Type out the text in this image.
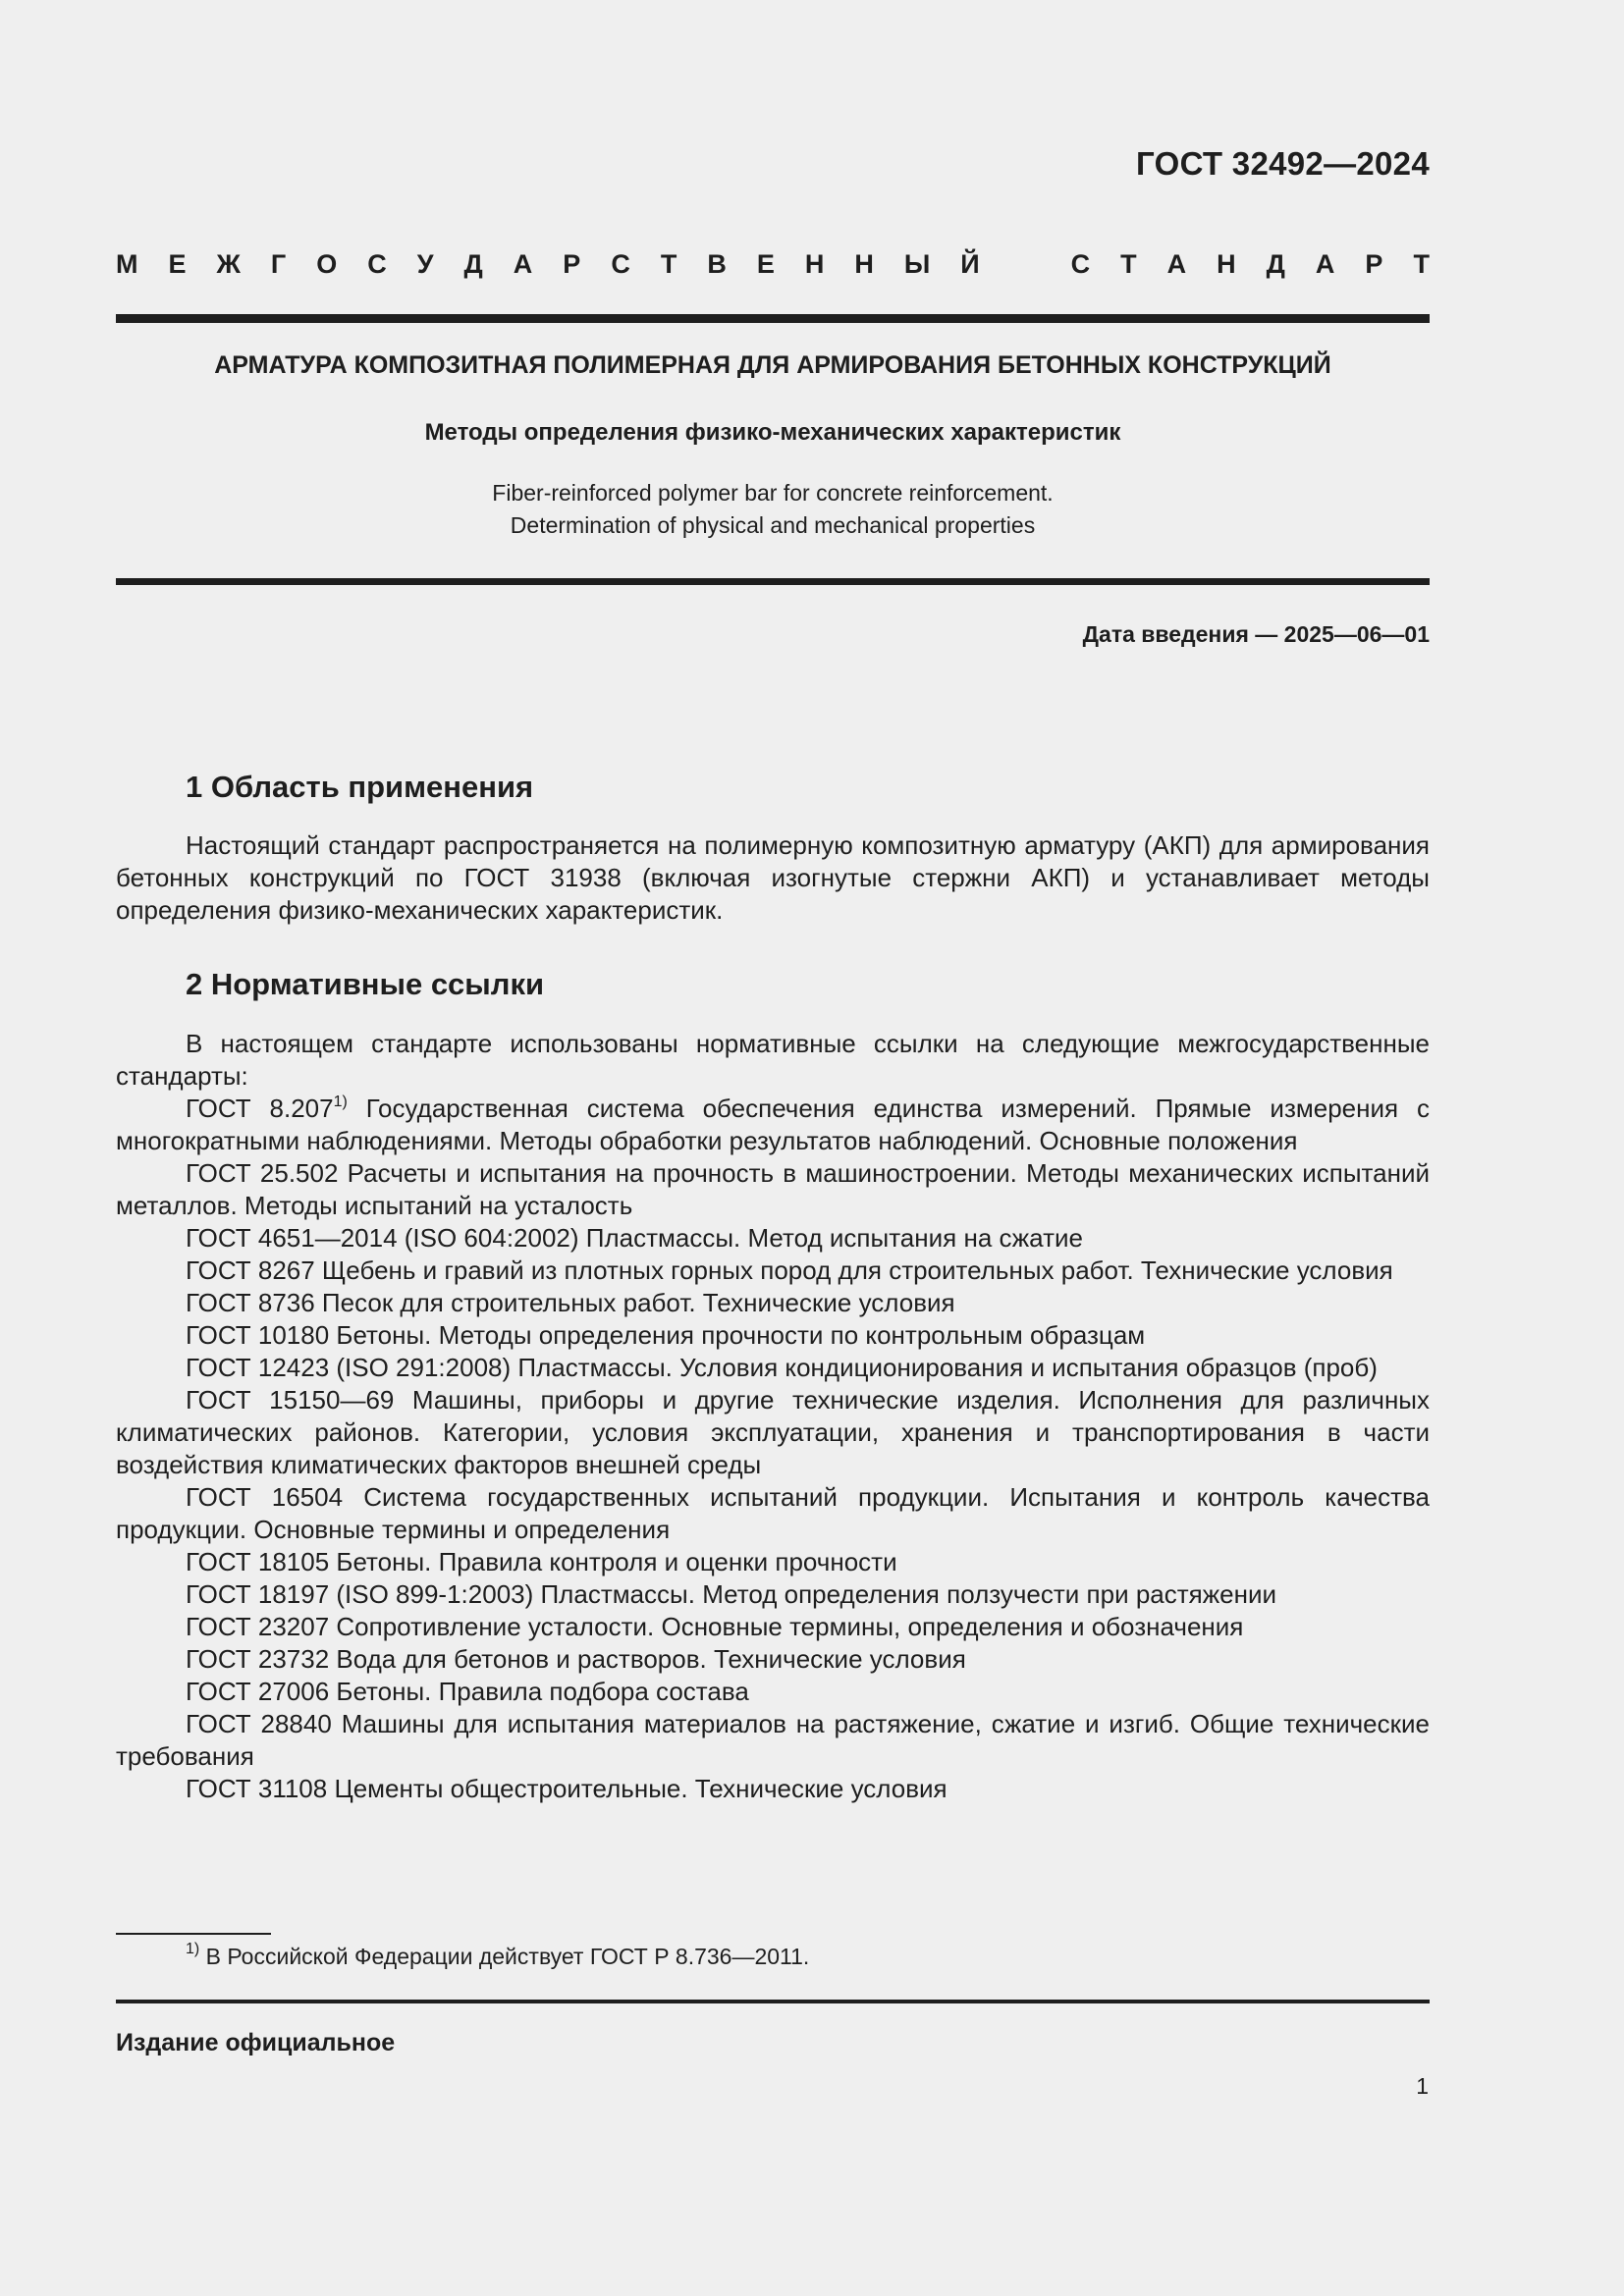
ГОСТ 32492—2024
М Е Ж Г О С У Д А Р С Т В Е Н Н Ы Й	С Т А Н Д А Р Т
АРМАТУРА КОМПОЗИТНАЯ ПОЛИМЕРНАЯ ДЛЯ АРМИРОВАНИЯ БЕТОННЫХ КОНСТРУКЦИЙ
Методы определения физико-механических характеристик
Fiber-reinforced polymer bar for concrete reinforcement.
Determination of physical and mechanical properties
Дата введения — 2025—06—01
1 Область применения

Настоящий стандарт распространяется на полимерную композитную арматуру (АКП) для армирования бетонных конструкций по ГОСТ 31938 (включая изогнутые стержни АКП) и устанавливает методы определения физико-механических характеристик.

2 Нормативные ссылки

В настоящем стандарте использованы нормативные ссылки на следующие межгосударственные стандарты:

ГОСТ 8.207$^{1)}$ Государственная система обеспечения единства измерений. Прямые измерения с многократными наблюдениями. Методы обработки результатов наблюдений. Основные положения

ГОСТ 25.502 Расчеты и испытания на прочность в машиностроении. Методы механических испытаний металлов. Методы испытаний на усталость

ГОСТ 4651—2014 (ISO 604:2002) Пластмассы. Метод испытания на сжатие

ГОСТ 8267 Щебень и гравий из плотных горных пород для строительных работ. Технические условия

ГОСТ 8736 Песок для строительных работ. Технические условия

ГОСТ 10180 Бетоны. Методы определения прочности по контрольным образцам

ГОСТ 12423 (ISO 291:2008) Пластмассы. Условия кондиционирования и испытания образцов (проб)

ГОСТ 15150—69 Машины, приборы и другие технические изделия. Исполнения для различных климатических районов. Категории, условия эксплуатации, хранения и транспортирования в части воздействия климатических факторов внешней среды

ГОСТ 16504 Система государственных испытаний продукции. Испытания и контроль качества продукции. Основные термины и определения

ГОСТ 18105 Бетоны. Правила контроля и оценки прочности

ГОСТ 18197 (ISO 899-1:2003) Пластмассы. Метод определения ползучести при растяжении

ГОСТ 23207 Сопротивление усталости. Основные термины, определения и обозначения

ГОСТ 23732 Вода для бетонов и растворов. Технические условия

ГОСТ 27006 Бетоны. Правила подбора состава

ГОСТ 28840 Машины для испытания материалов на растяжение, сжатие и изгиб. Общие технические требования

ГОСТ 31108 Цементы общестроительные. Технические условия

$^{1)}$ В Российской Федерации действует ГОСТ Р 8.736—2011.
Издание официальное
1
